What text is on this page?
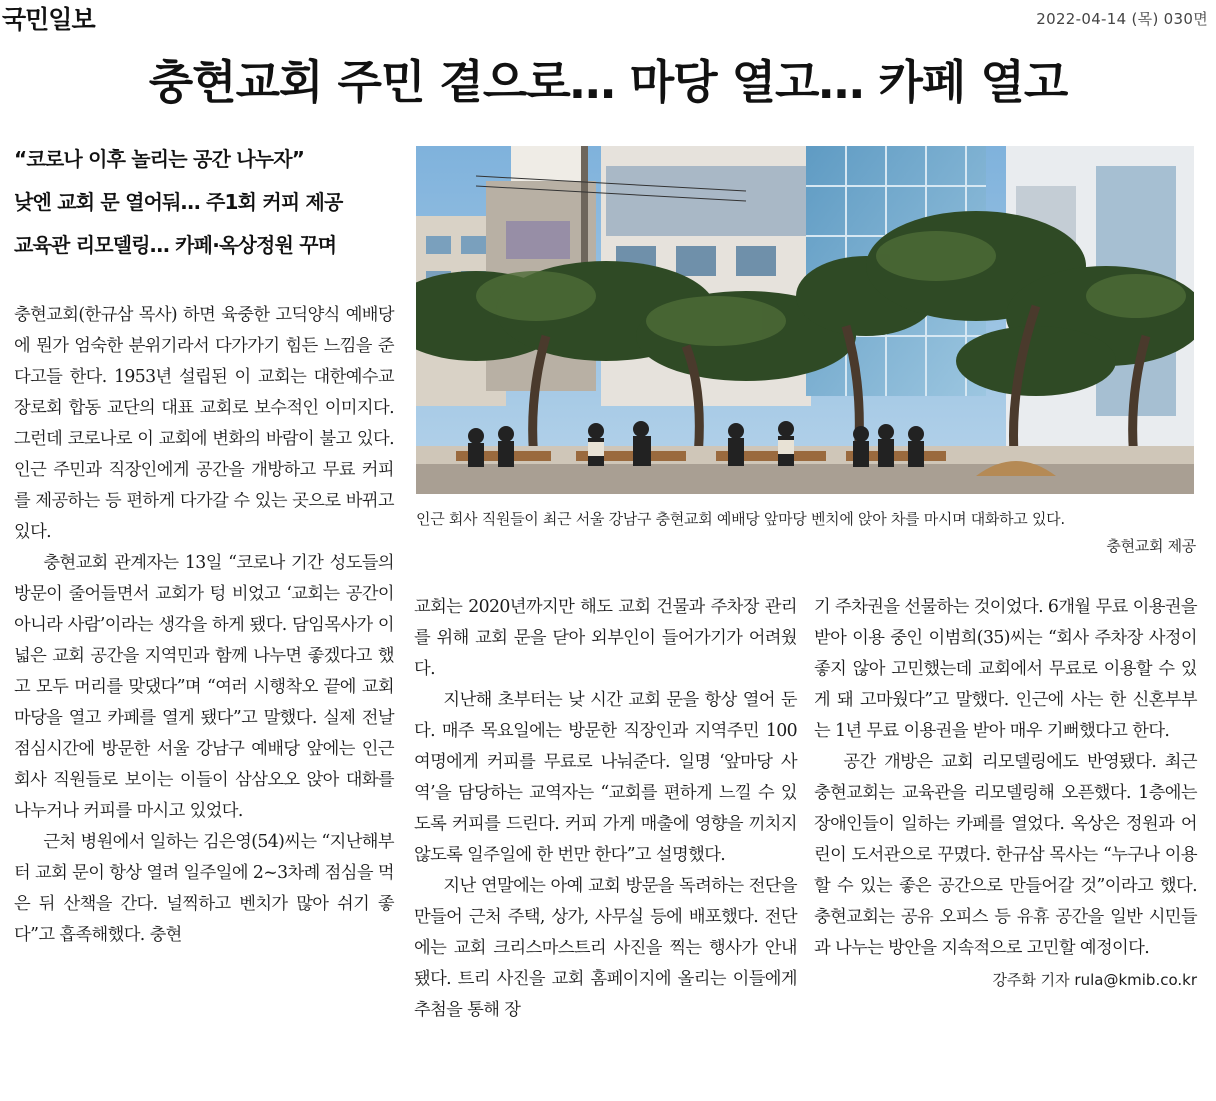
국민일보	2022-04-14 (목) 030면
충현교회 주민 곁으로… 마당 열고… 카페 열고
“코로나 이후 놀리는 공간 나누자”
낮엔 교회 문 열어둬… 주1회 커피 제공
교육관 리모델링… 카페·옥상정원 꾸며
인근 회사 직원들이 최근 서울 강남구 충현교회 예배당 앞마당 벤치에 앉아 차를 마시며 대화하고 있다.
충현교회 제공

충현교회(한규삼 목사) 하면 육중한 고딕양식 예배당에 뭔가 엄숙한 분위기라서 다가가기 힘든 느낌을 준다고들 한다. 1953년 설립된 이 교회는 대한예수교장로회 합동 교단의 대표 교회로 보수적인 이미지다. 그런데 코로나로 이 교회에 변화의 바람이 불고 있다. 인근 주민과 직장인에게 공간을 개방하고 무료 커피를 제공하는 등 편하게 다가갈 수 있는 곳으로 바뀌고 있다.

충현교회 관계자는 13일 “코로나 기간 성도들의 방문이 줄어들면서 교회가 텅 비었고 ‘교회는 공간이 아니라 사람’이라는 생각을 하게 됐다. 담임목사가 이 넓은 교회 공간을 지역민과 함께 나누면 좋겠다고 했고 모두 머리를 맞댔다”며 “여러 시행착오 끝에 교회 마당을 열고 카페를 열게 됐다”고 말했다. 실제 전날 점심시간에 방문한 서울 강남구 예배당 앞에는 인근 회사 직원들로 보이는 이들이 삼삼오오 앉아 대화를 나누거나 커피를 마시고 있었다.

근처 병원에서 일하는 김은영(54)씨는 “지난해부터 교회 문이 항상 열려 일주일에 2~3차례 점심을 먹은 뒤 산책을 간다. 널찍하고 벤치가 많아 쉬기 좋다”고 흡족해했다. 충현

교회는 2020년까지만 해도 교회 건물과 주차장 관리를 위해 교회 문을 닫아 외부인이 들어가기가 어려웠다.

지난해 초부터는 낮 시간 교회 문을 항상 열어 둔다. 매주 목요일에는 방문한 직장인과 지역주민 100여명에게 커피를 무료로 나눠준다. 일명 ‘앞마당 사역’을 담당하는 교역자는 “교회를 편하게 느낄 수 있도록 커피를 드린다. 커피 가게 매출에 영향을 끼치지 않도록 일주일에 한 번만 한다”고 설명했다.

지난 연말에는 아예 교회 방문을 독려하는 전단을 만들어 근처 주택, 상가, 사무실 등에 배포했다. 전단에는 교회 크리스마스트리 사진을 찍는 행사가 안내됐다. 트리 사진을 교회 홈페이지에 올리는 이들에게 추첨을 통해 장

기 주차권을 선물하는 것이었다. 6개월 무료 이용권을 받아 이용 중인 이범희(35)씨는 “회사 주차장 사정이 좋지 않아 고민했는데 교회에서 무료로 이용할 수 있게 돼 고마웠다”고 말했다. 인근에 사는 한 신혼부부는 1년 무료 이용권을 받아 매우 기뻐했다고 한다.

공간 개방은 교회 리모델링에도 반영됐다. 최근 충현교회는 교육관을 리모델링해 오픈했다. 1층에는 장애인들이 일하는 카페를 열었다. 옥상은 정원과 어린이 도서관으로 꾸몄다. 한규삼 목사는 “누구나 이용할 수 있는 좋은 공간으로 만들어갈 것”이라고 했다. 충현교회는 공유 오피스 등 유휴 공간을 일반 시민들과 나누는 방안을 지속적으로 고민할 예정이다.
강주화 기자 rula@kmib.co.kr
